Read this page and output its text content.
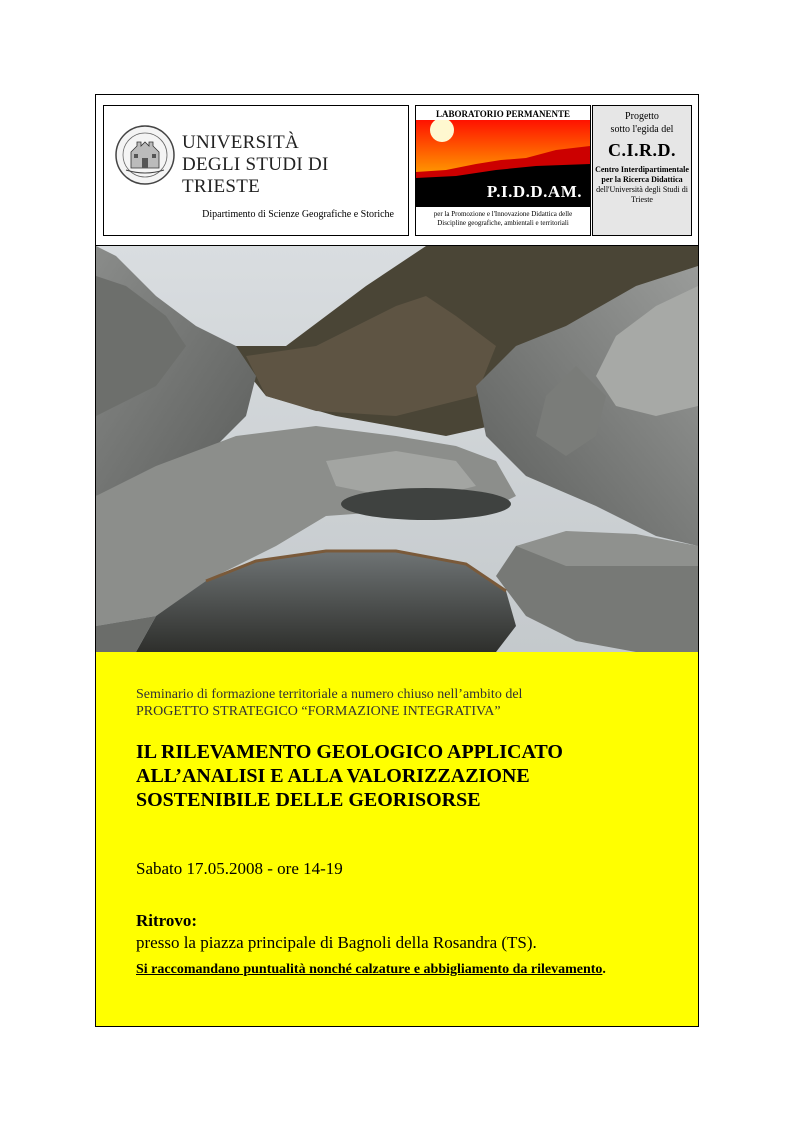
UNIVERSITÀ
DEGLI STUDI DI TRIESTE
Dipartimento di Scienze Geografiche e Storiche
LABORATORIO PERMANENTE
P.I.D.D.AM.
per la Promozione e l'Innovazione Didattica delle Discipline geografiche, ambientali e territoriali
Progetto
sotto l'egida del
C.I.R.D.
Centro Interdipartimentale per la Ricerca Didattica
dell'Università degli Studi di Trieste
Seminario di formazione territoriale a numero chiuso nell’ambito del
PROGETTO STRATEGICO “FORMAZIONE INTEGRATIVA”
IL RILEVAMENTO GEOLOGICO APPLICATO
ALL’ANALISI E ALLA VALORIZZAZIONE
SOSTENIBILE DELLE GEORISORSE
Sabato 17.05.2008 - ore 14-19
Ritrovo:
presso la piazza principale di Bagnoli della Rosandra (TS).
Si raccomandano puntualità nonché calzature e abbigliamento da rilevamento.
